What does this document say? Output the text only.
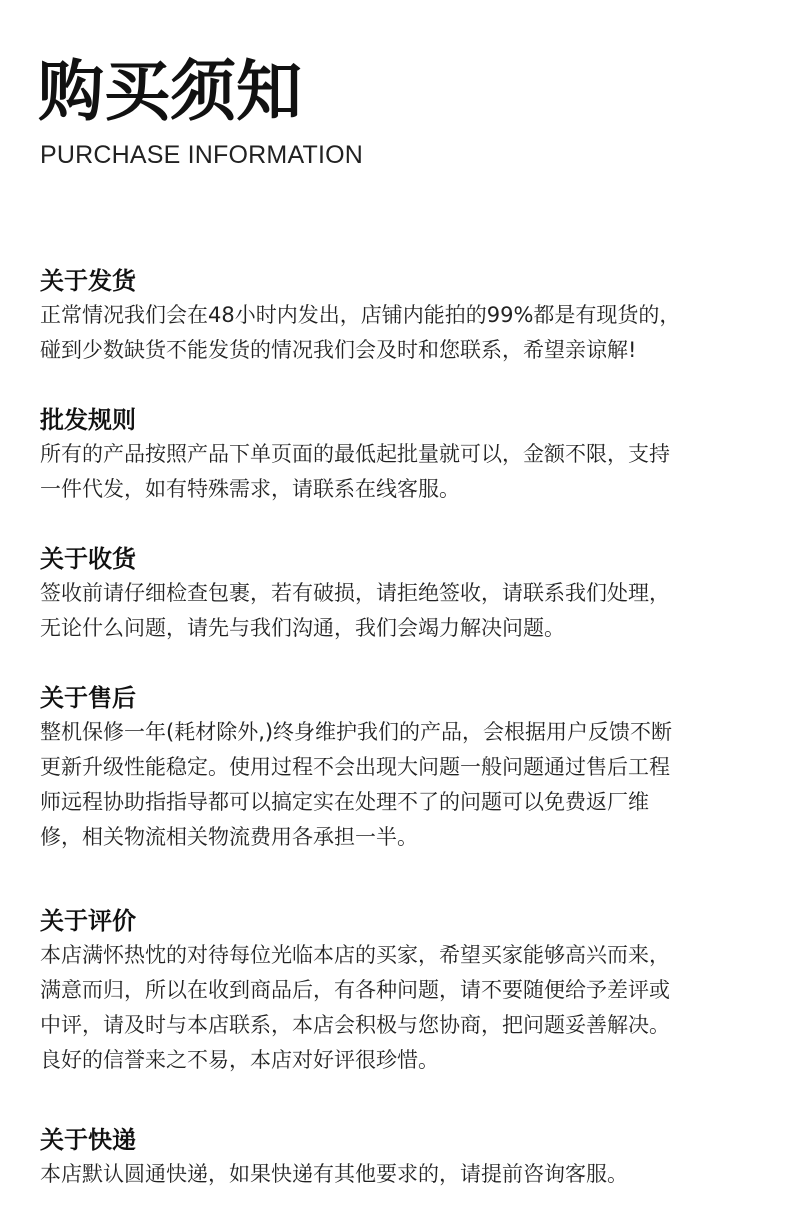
购买须知

PURCHASE INFORMATION

关于发货

正常情况我们会在48小时内发出，店铺内能拍的99%都是有现货的，

碰到少数缺货不能发货的情况我们会及时和您联系，希望亲谅解!

批发规则

所有的产品按照产品下单页面的最低起批量就可以，金额不限，支持

一件代发，如有特殊需求，请联系在线客服。

关于收货

签收前请仔细检查包裹，若有破损，请拒绝签收，请联系我们处理，

无论什么问题，请先与我们沟通，我们会竭力解决问题。

关于售后

整机保修一年(耗材除外,)终身维护我们的产品，会根据用户反馈不断

更新升级性能稳定。使用过程不会出现大问题一般问题通过售后工程

师远程协助指指导都可以搞定实在处理不了的问题可以免费返厂维

修，相关物流相关物流费用各承担一半。

关于评价

本店满怀热忱的对待每位光临本店的买家，希望买家能够高兴而来，

满意而归，所以在收到商品后，有各种问题，请不要随便给予差评或

中评，请及时与本店联系，本店会积极与您协商，把问题妥善解决。

良好的信誉来之不易，本店对好评很珍惜。

关于快递

本店默认圆通快递，如果快递有其他要求的，请提前咨询客服。
